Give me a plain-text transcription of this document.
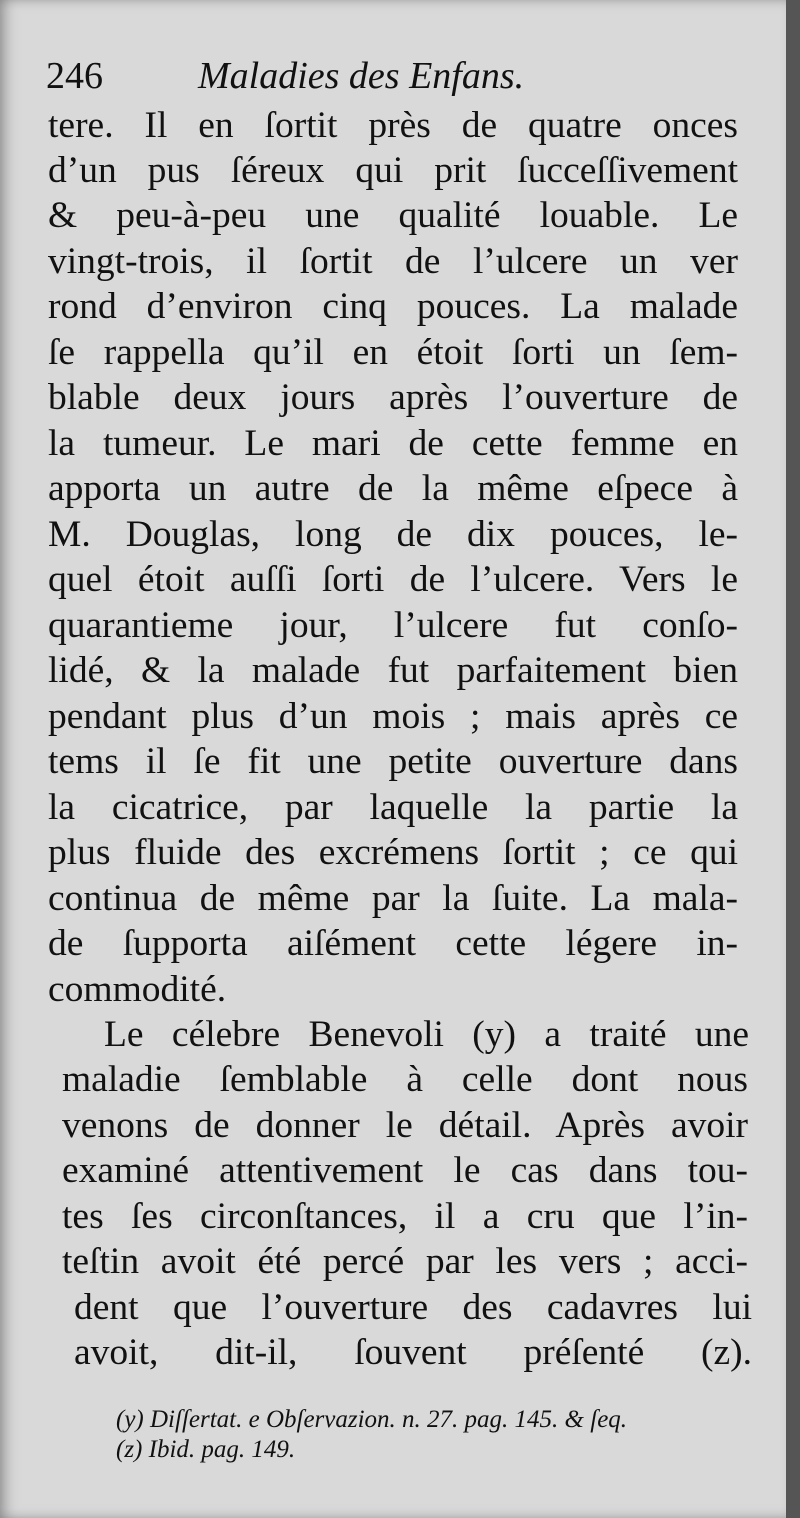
246	Maladies des Enfans.
tere. Il en ſortit près de quatre onces
d’un pus ſéreux qui prit ſucceſſivement
& peu-à-peu une qualité louable. Le
vingt-trois, il ſortit de l’ulcere un ver
rond d’environ cinq pouces. La malade
ſe rappella qu’il en étoit ſorti un ſem-
blable deux jours après l’ouverture de
la tumeur. Le mari de cette femme en
apporta un autre de la même eſpece à
M. Douglas, long de dix pouces, le-
quel étoit auſſi ſorti de l’ulcere. Vers le
quarantieme jour, l’ulcere fut conſo-
lidé, & la malade fut parfaitement bien
pendant plus d’un mois ; mais après ce
tems il ſe fit une petite ouverture dans
la cicatrice, par laquelle la partie la
plus fluide des excrémens ſortit ; ce qui
continua de même par la ſuite. La mala-
de ſupporta aiſément cette légere in-
commodité.
Le célebre Benevoli (y) a traité une
maladie ſemblable à celle dont nous
venons de donner le détail. Après avoir
examiné attentivement le cas dans tou-
tes ſes circonſtances, il a cru que l’in-
teſtin avoit été percé par les vers ; acci-
dent que l’ouverture des cadavres lui
avoit, dit-il, ſouvent préſenté (z).
(y) Diſſertat. e Obſervazion. n. 27. pag. 145. & ſeq.
(z) Ibid. pag. 149.
